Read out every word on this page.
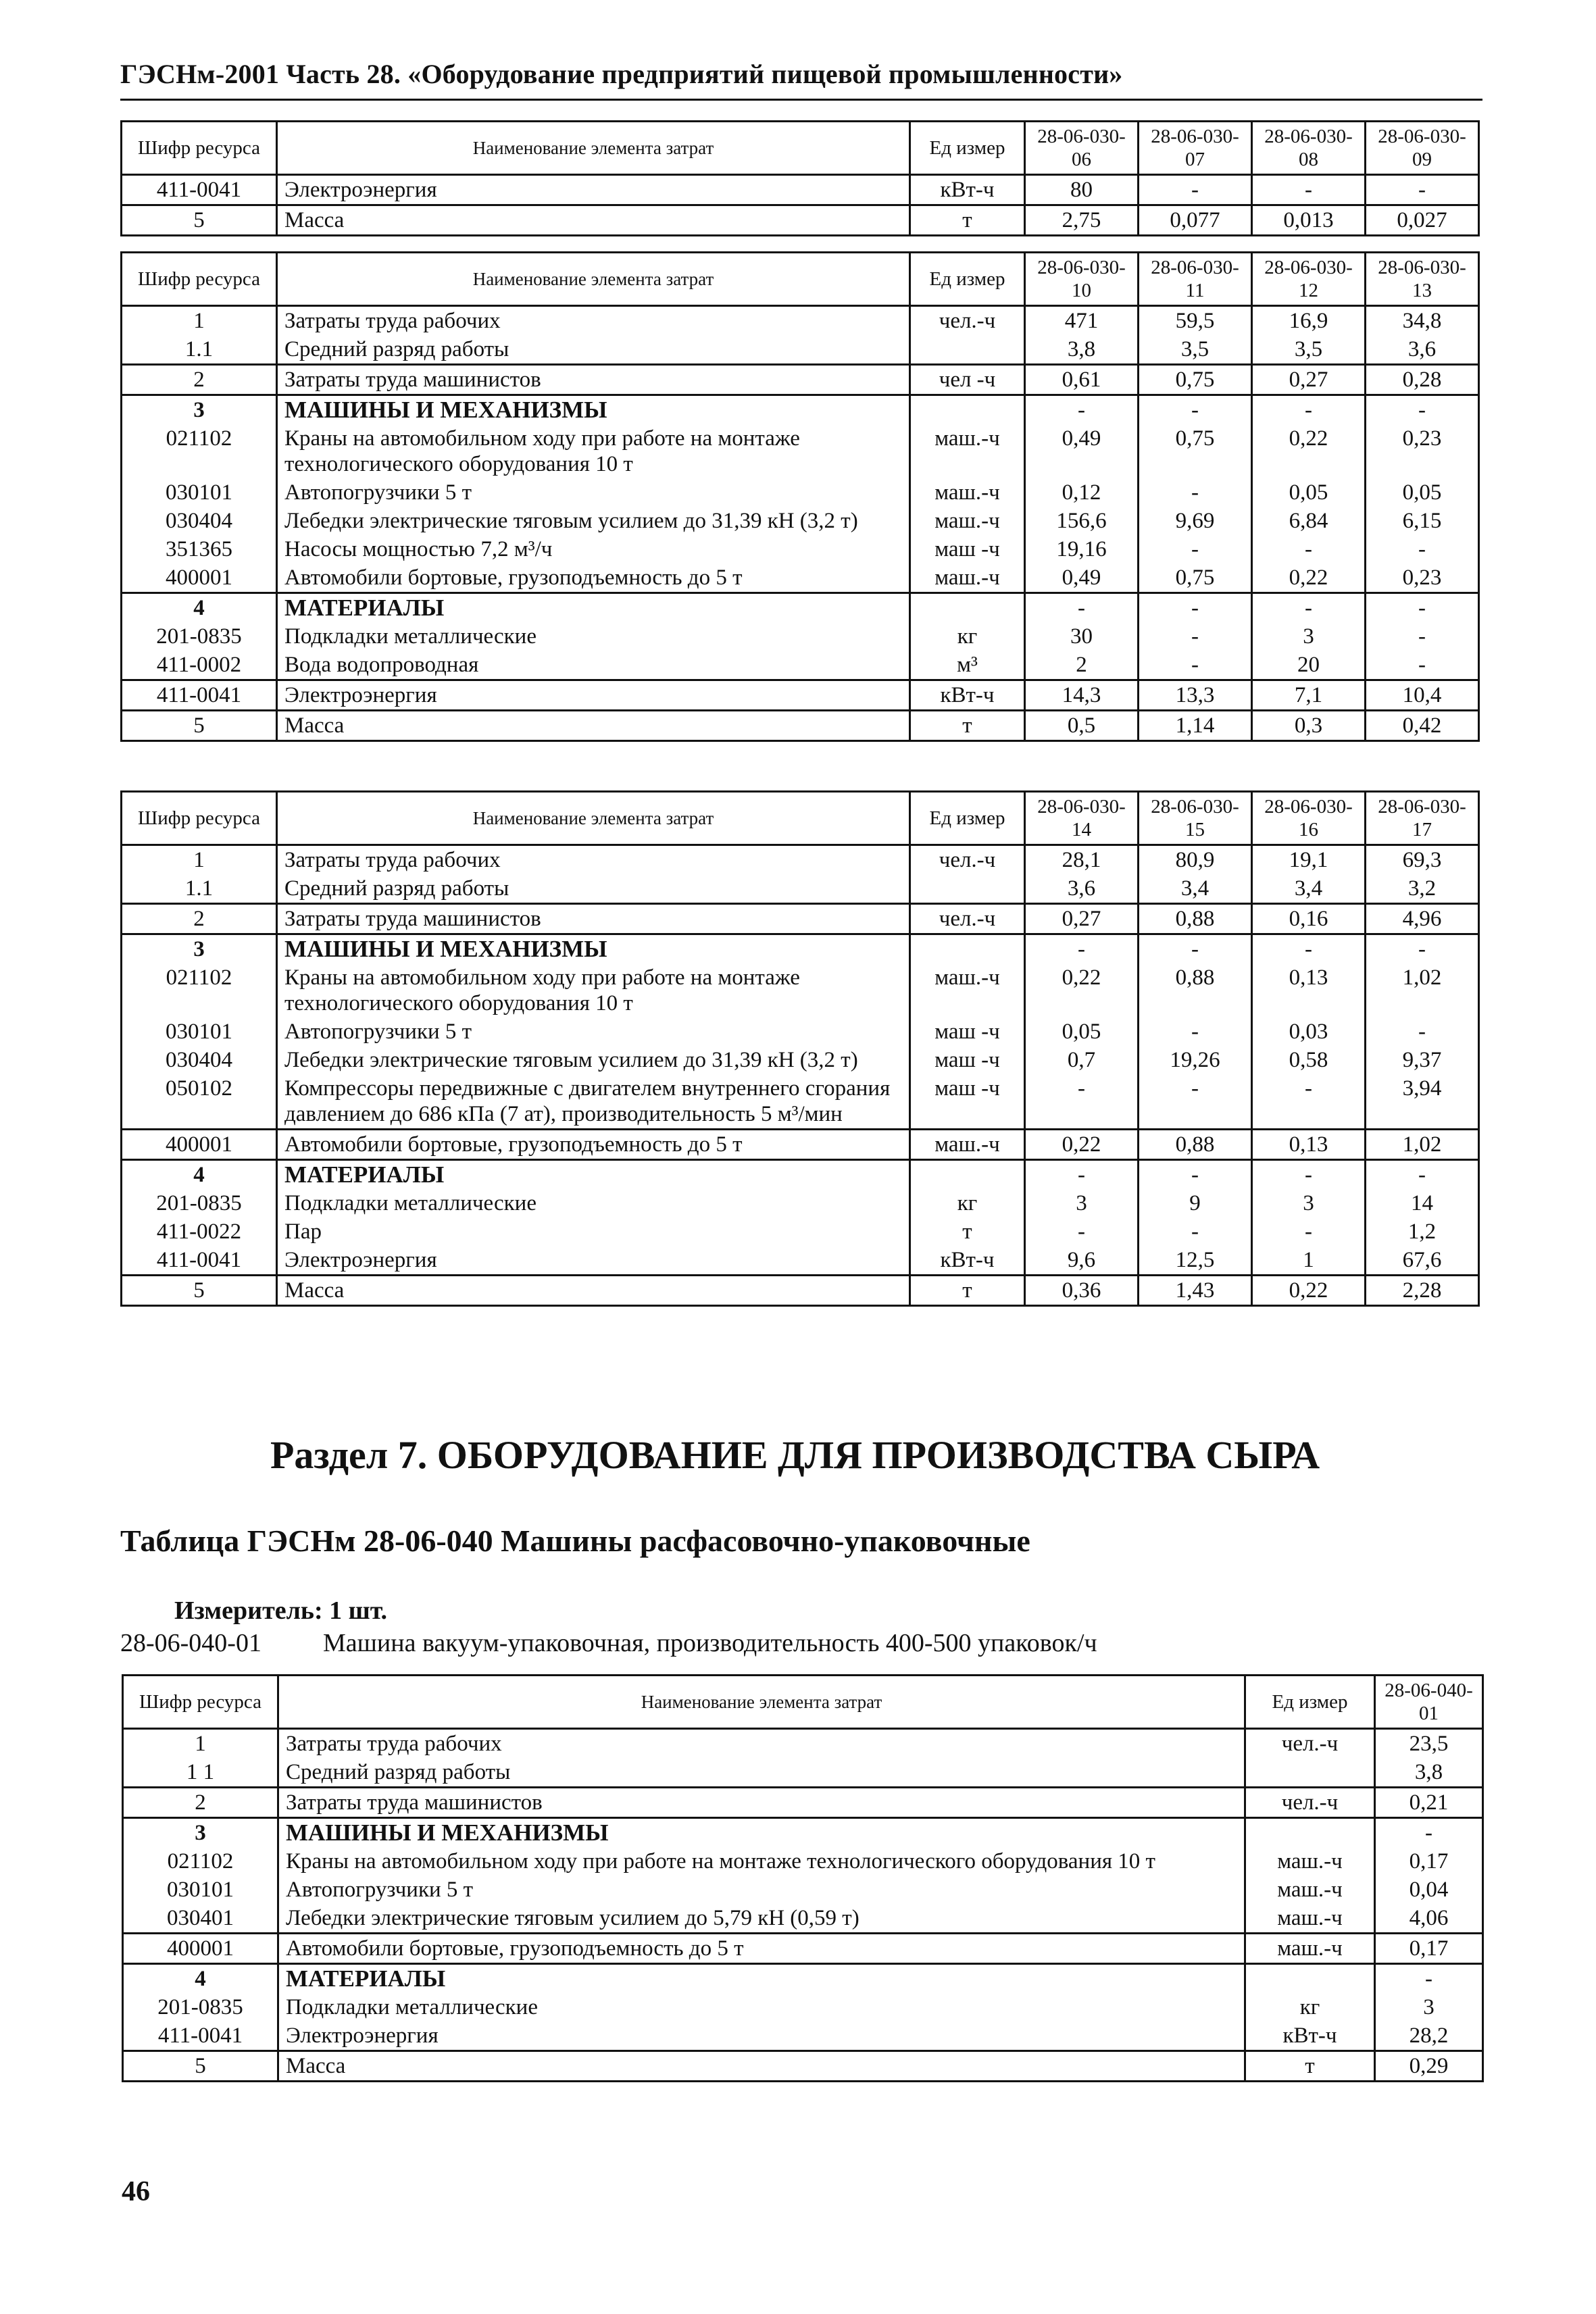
ГЭСНм-2001 Часть 28. «Оборудование предприятий пищевой промышленности»
Шифр ресурса	Наименование элемента затрат	Ед измер	28-06-030-06	28-06-030-07	28-06-030-08	28-06-030-09
411-0041	Электроэнергия	кВт-ч	80	-	-	-
5	Масса	т	2,75	0,077	0,013	0,027
Шифр ресурса	Наименование элемента затрат	Ед измер	28-06-030-10	28-06-030-11	28-06-030-12	28-06-030-13
1	Затраты труда рабочих	чел.-ч	471	59,5	16,9	34,8
1.1	Средний разряд работы		3,8	3,5	3,5	3,6
2	Затраты труда машинистов	чел -ч	0,61	0,75	0,27	0,28
3	МАШИНЫ И МЕХАНИЗМЫ		-	-	-	-
021102	Краны на автомобильном ходу при работе на монтаже технологического оборудования 10 т	маш.-ч	0,49	0,75	0,22	0,23
030101	Автопогрузчики 5 т	маш.-ч	0,12	-	0,05	0,05
030404	Лебедки электрические тяговым усилием до 31,39 кН (3,2 т)	маш.-ч	156,6	9,69	6,84	6,15
351365	Насосы мощностью 7,2 м³/ч	маш -ч	19,16	-	-	-
400001	Автомобили бортовые, грузоподъемность до 5 т	маш.-ч	0,49	0,75	0,22	0,23
4	МАТЕРИАЛЫ		-	-	-	-
201-0835	Подкладки металлические	кг	30	-	3	-
411-0002	Вода водопроводная	м³	2	-	20	-
411-0041	Электроэнергия	кВт-ч	14,3	13,3	7,1	10,4
5	Масса	т	0,5	1,14	0,3	0,42
Шифр ресурса	Наименование элемента затрат	Ед измер	28-06-030-14	28-06-030-15	28-06-030-16	28-06-030-17
1	Затраты труда рабочих	чел.-ч	28,1	80,9	19,1	69,3
1.1	Средний разряд работы		3,6	3,4	3,4	3,2
2	Затраты труда машинистов	чел.-ч	0,27	0,88	0,16	4,96
3	МАШИНЫ И МЕХАНИЗМЫ		-	-	-	-
021102	Краны на автомобильном ходу при работе на монтаже технологического оборудования 10 т	маш.-ч	0,22	0,88	0,13	1,02
030101	Автопогрузчики 5 т	маш -ч	0,05	-	0,03	-
030404	Лебедки электрические тяговым усилием до 31,39 кН (3,2 т)	маш -ч	0,7	19,26	0,58	9,37
050102	Компрессоры передвижные с двигателем внутреннего сгорания давлением до 686 кПа (7 ат), производительность 5 м³/мин	маш -ч	-	-	-	3,94
400001	Автомобили бортовые, грузоподъемность до 5 т	маш.-ч	0,22	0,88	0,13	1,02
4	МАТЕРИАЛЫ		-	-	-	-
201-0835	Подкладки металлические	кг	3	9	3	14
411-0022	Пар	т	-	-	-	1,2
411-0041	Электроэнергия	кВт-ч	9,6	12,5	1	67,6
5	Масса	т	0,36	1,43	0,22	2,28
Раздел 7. ОБОРУДОВАНИЕ ДЛЯ ПРОИЗВОДСТВА СЫРА
Таблица ГЭСНм 28-06-040 Машины расфасовочно-упаковочные
Измеритель: 1 шт.
28-06-040-01 Машина вакуум-упаковочная, производительность 400-500 упаковок/ч
Шифр ресурса	Наименование элемента затрат	Ед измер	28-06-040-01
1	Затраты труда рабочих	чел.-ч	23,5
1 1	Средний разряд работы		3,8
2	Затраты труда машинистов	чел.-ч	0,21
3	МАШИНЫ И МЕХАНИЗМЫ		-
021102	Краны на автомобильном ходу при работе на монтаже технологического оборудования 10 т	маш.-ч	0,17
030101	Автопогрузчики 5 т	маш.-ч	0,04
030401	Лебедки электрические тяговым усилием до 5,79 кН (0,59 т)	маш.-ч	4,06
400001	Автомобили бортовые, грузоподъемность до 5 т	маш.-ч	0,17
4	МАТЕРИАЛЫ		-
201-0835	Подкладки металлические	кг	3
411-0041	Электроэнергия	кВт-ч	28,2
5	Масса	т	0,29
46
